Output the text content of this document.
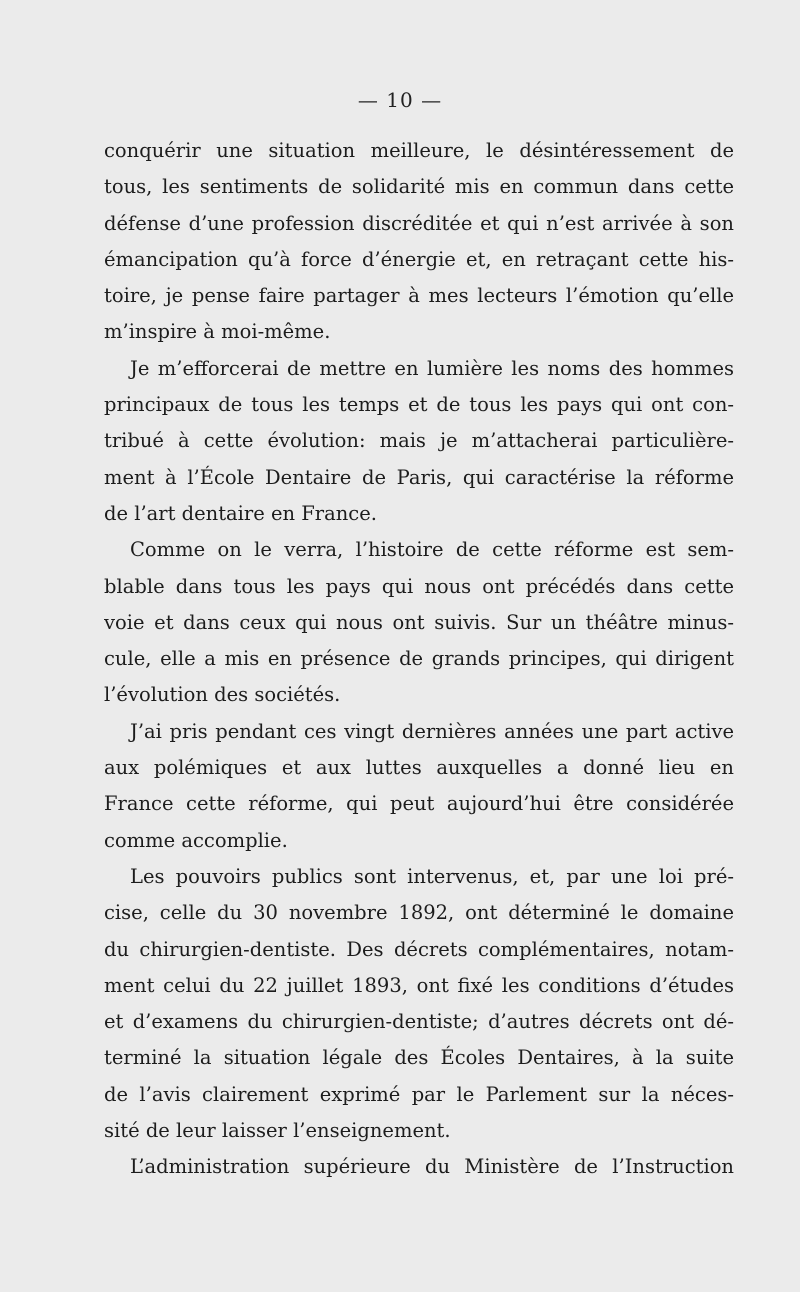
— 10 —
conquérir une situation meilleure, le désintéressement de
tous, les sentiments de solidarité mis en commun dans cette
défense d’une profession discréditée et qui n’est arrivée à son
émancipation qu’à force d’énergie et, en retraçant cette his-
toire, je pense faire partager à mes lecteurs l’émotion qu’elle
m’inspire à moi-même.
Je m’efforcerai de mettre en lumière les noms des hommes
principaux de tous les temps et de tous les pays qui ont con-
tribué à cette évolution: mais je m’attacherai particulière-
ment à l’École Dentaire de Paris, qui caractérise la réforme
de l’art dentaire en France.
Comme on le verra, l’histoire de cette réforme est sem-
blable dans tous les pays qui nous ont précédés dans cette
voie et dans ceux qui nous ont suivis. Sur un théâtre minus-
cule, elle a mis en présence de grands principes, qui dirigent
l’évolution des sociétés.
J’ai pris pendant ces vingt dernières années une part active
aux polémiques et aux luttes auxquelles a donné lieu en
France cette réforme, qui peut aujourd’hui être considérée
comme accomplie.
Les pouvoirs publics sont intervenus, et, par une loi pré-
cise, celle du 30 novembre 1892, ont déterminé le domaine
du chirurgien-dentiste. Des décrets complémentaires, notam-
ment celui du 22 juillet 1893, ont fixé les conditions d’études
et d’examens du chirurgien-dentiste; d’autres décrets ont dé-
terminé la situation légale des Écoles Dentaires, à la suite
de l’avis clairement exprimé par le Parlement sur la néces-
sité de leur laisser l’enseignement.
L’administration supérieure du Ministère de l’Instruction
